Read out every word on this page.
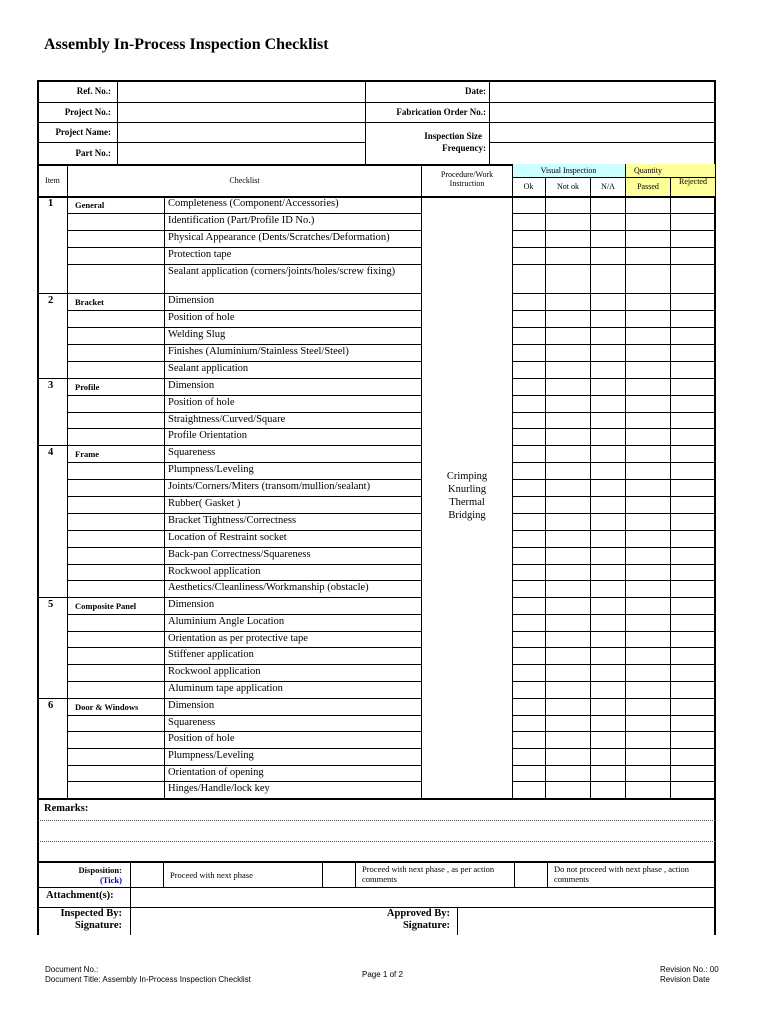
Assembly In-Process Inspection Checklist
Ref. No.:
Project No.:
Project Name:
Part No.:
Date:
Fabrication Order No.:
Inspection Size
Frequency:
Item	Checklist
Procedure/Work Instruction
Visual Inspection
Ok	Not ok	N/A
Quantity
Passed
Rejected
Crimping Knurling Thermal Bridging
1	General	Completeness (Component/Accessories)
Identification (Part/Profile ID No.)
Physical Appearance (Dents/Scratches/Deformation)
Protection tape
Sealant application (corners/joints/holes/screw fixing)
2	Bracket	Dimension
Position of hole
Welding Slug
Finishes (Aluminium/Stainless Steel/Steel)
Sealant application
3	Profile	Dimension
Position of hole
Straightness/Curved/Square
Profile Orientation
4	Frame	Squareness
Plumpness/Leveling
Joints/Corners/Miters (transom/mullion/sealant)
Rubber( Gasket )
Bracket Tightness/Correctness
Location of Restraint socket
Back-pan Correctness/Squareness
Rockwool application
Aesthetics/Cleanliness/Workmanship (obstacle)
5	Composite Panel	Dimension
Aluminium Angle Location
Orientation as per protective tape
Stiffener application
Rockwool application
Aluminum tape application
6	Door & Windows	Dimension
Squareness
Position of hole
Plumpness/Leveling
Orientation of opening
Hinges/Handle/lock key
Remarks:
Disposition:
(Tick)	Proceed with next phase
Proceed with next phase , as per action comments
Do not proceed with next phase , action comments
Attachment(s):
Inspected By:
Signature:
Approved By:
Signature:
Document No.:
Document Title: Assembly In-Process Inspection Checklist
Page 1 of 2
Revision No.: 00
Revision Date
